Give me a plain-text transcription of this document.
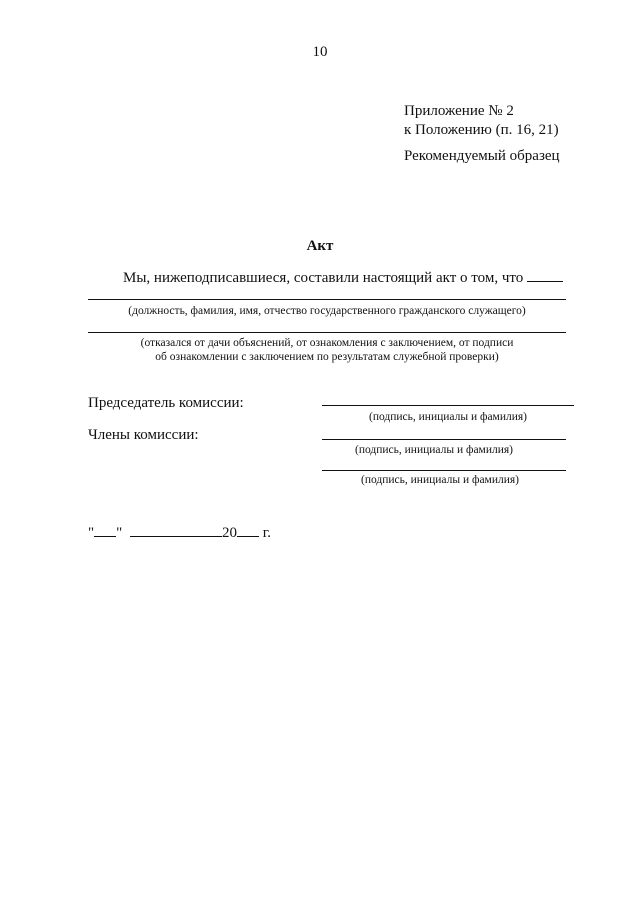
10
Приложение № 2
к Положению (п. 16, 21)
Рекомендуемый образец
Акт
Мы, нижеподписавшиеся, составили настоящий акт о том, что
(должность, фамилия, имя, отчество государственного гражданского служащего)
(отказался от дачи объяснений, от ознакомления с заключением, от подписи
об ознакомлении с заключением по результатам служебной проверки)
Председатель комиссии:
(подпись, инициалы и фамилия)
Члены комиссии:
(подпись, инициалы и фамилия)
(подпись, инициалы и фамилия)
" "	20 г.
